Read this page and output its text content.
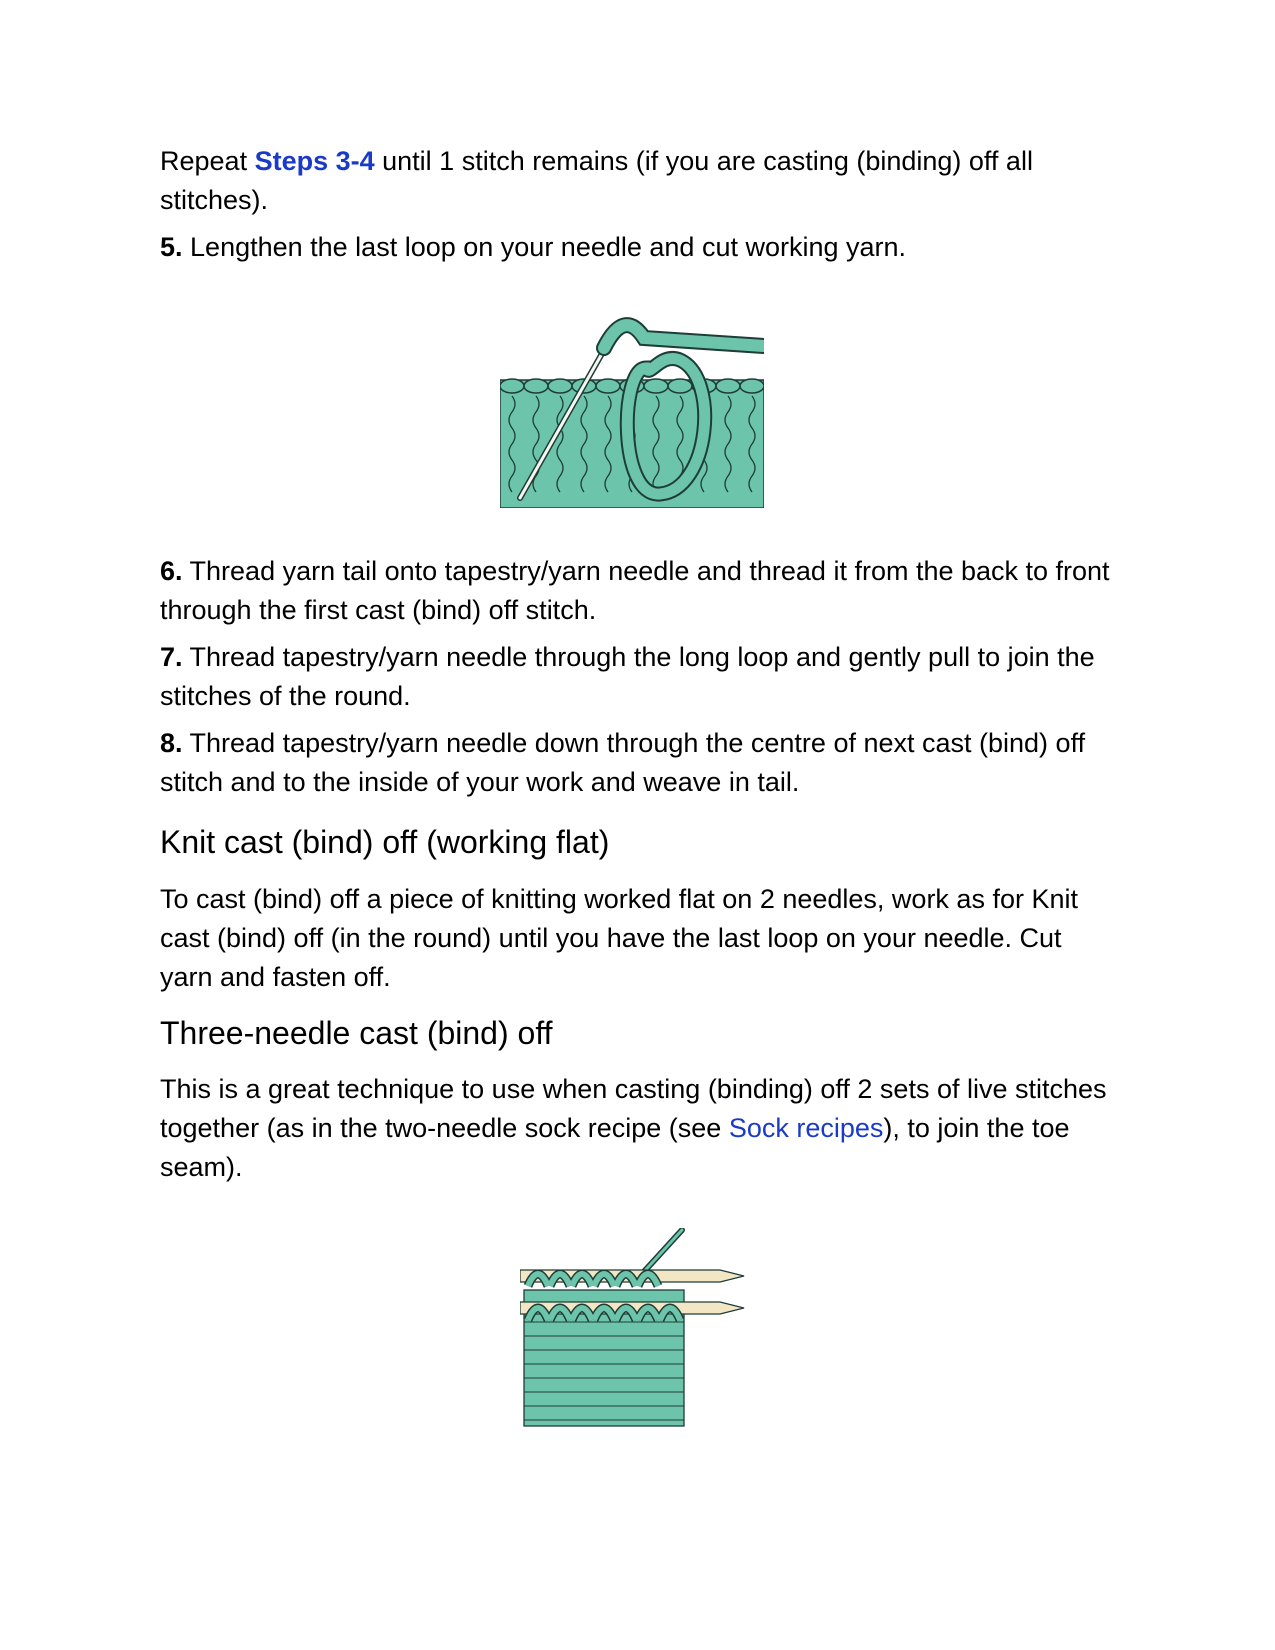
Repeat Steps 3-4 until 1 stitch remains (if you are casting (binding) off all stitches).

5. Lengthen the last loop on your needle and cut working yarn.

6. Thread yarn tail onto tapestry/yarn needle and thread it from the back to front through the first cast (bind) off stitch.

7. Thread tapestry/yarn needle through the long loop and gently pull to join the stitches of the round.

8. Thread tapestry/yarn needle down through the centre of next cast (bind) off stitch and to the inside of your work and weave in tail.

Knit cast (bind) off (working flat)

To cast (bind) off a piece of knitting worked flat on 2 needles, work as for Knit cast (bind) off (in the round) until you have the last loop on your needle. Cut yarn and fasten off.

Three-needle cast (bind) off

This is a great technique to use when casting (binding) off 2 sets of live stitches together (as in the two-needle sock recipe (see Sock recipes), to join the toe seam).
